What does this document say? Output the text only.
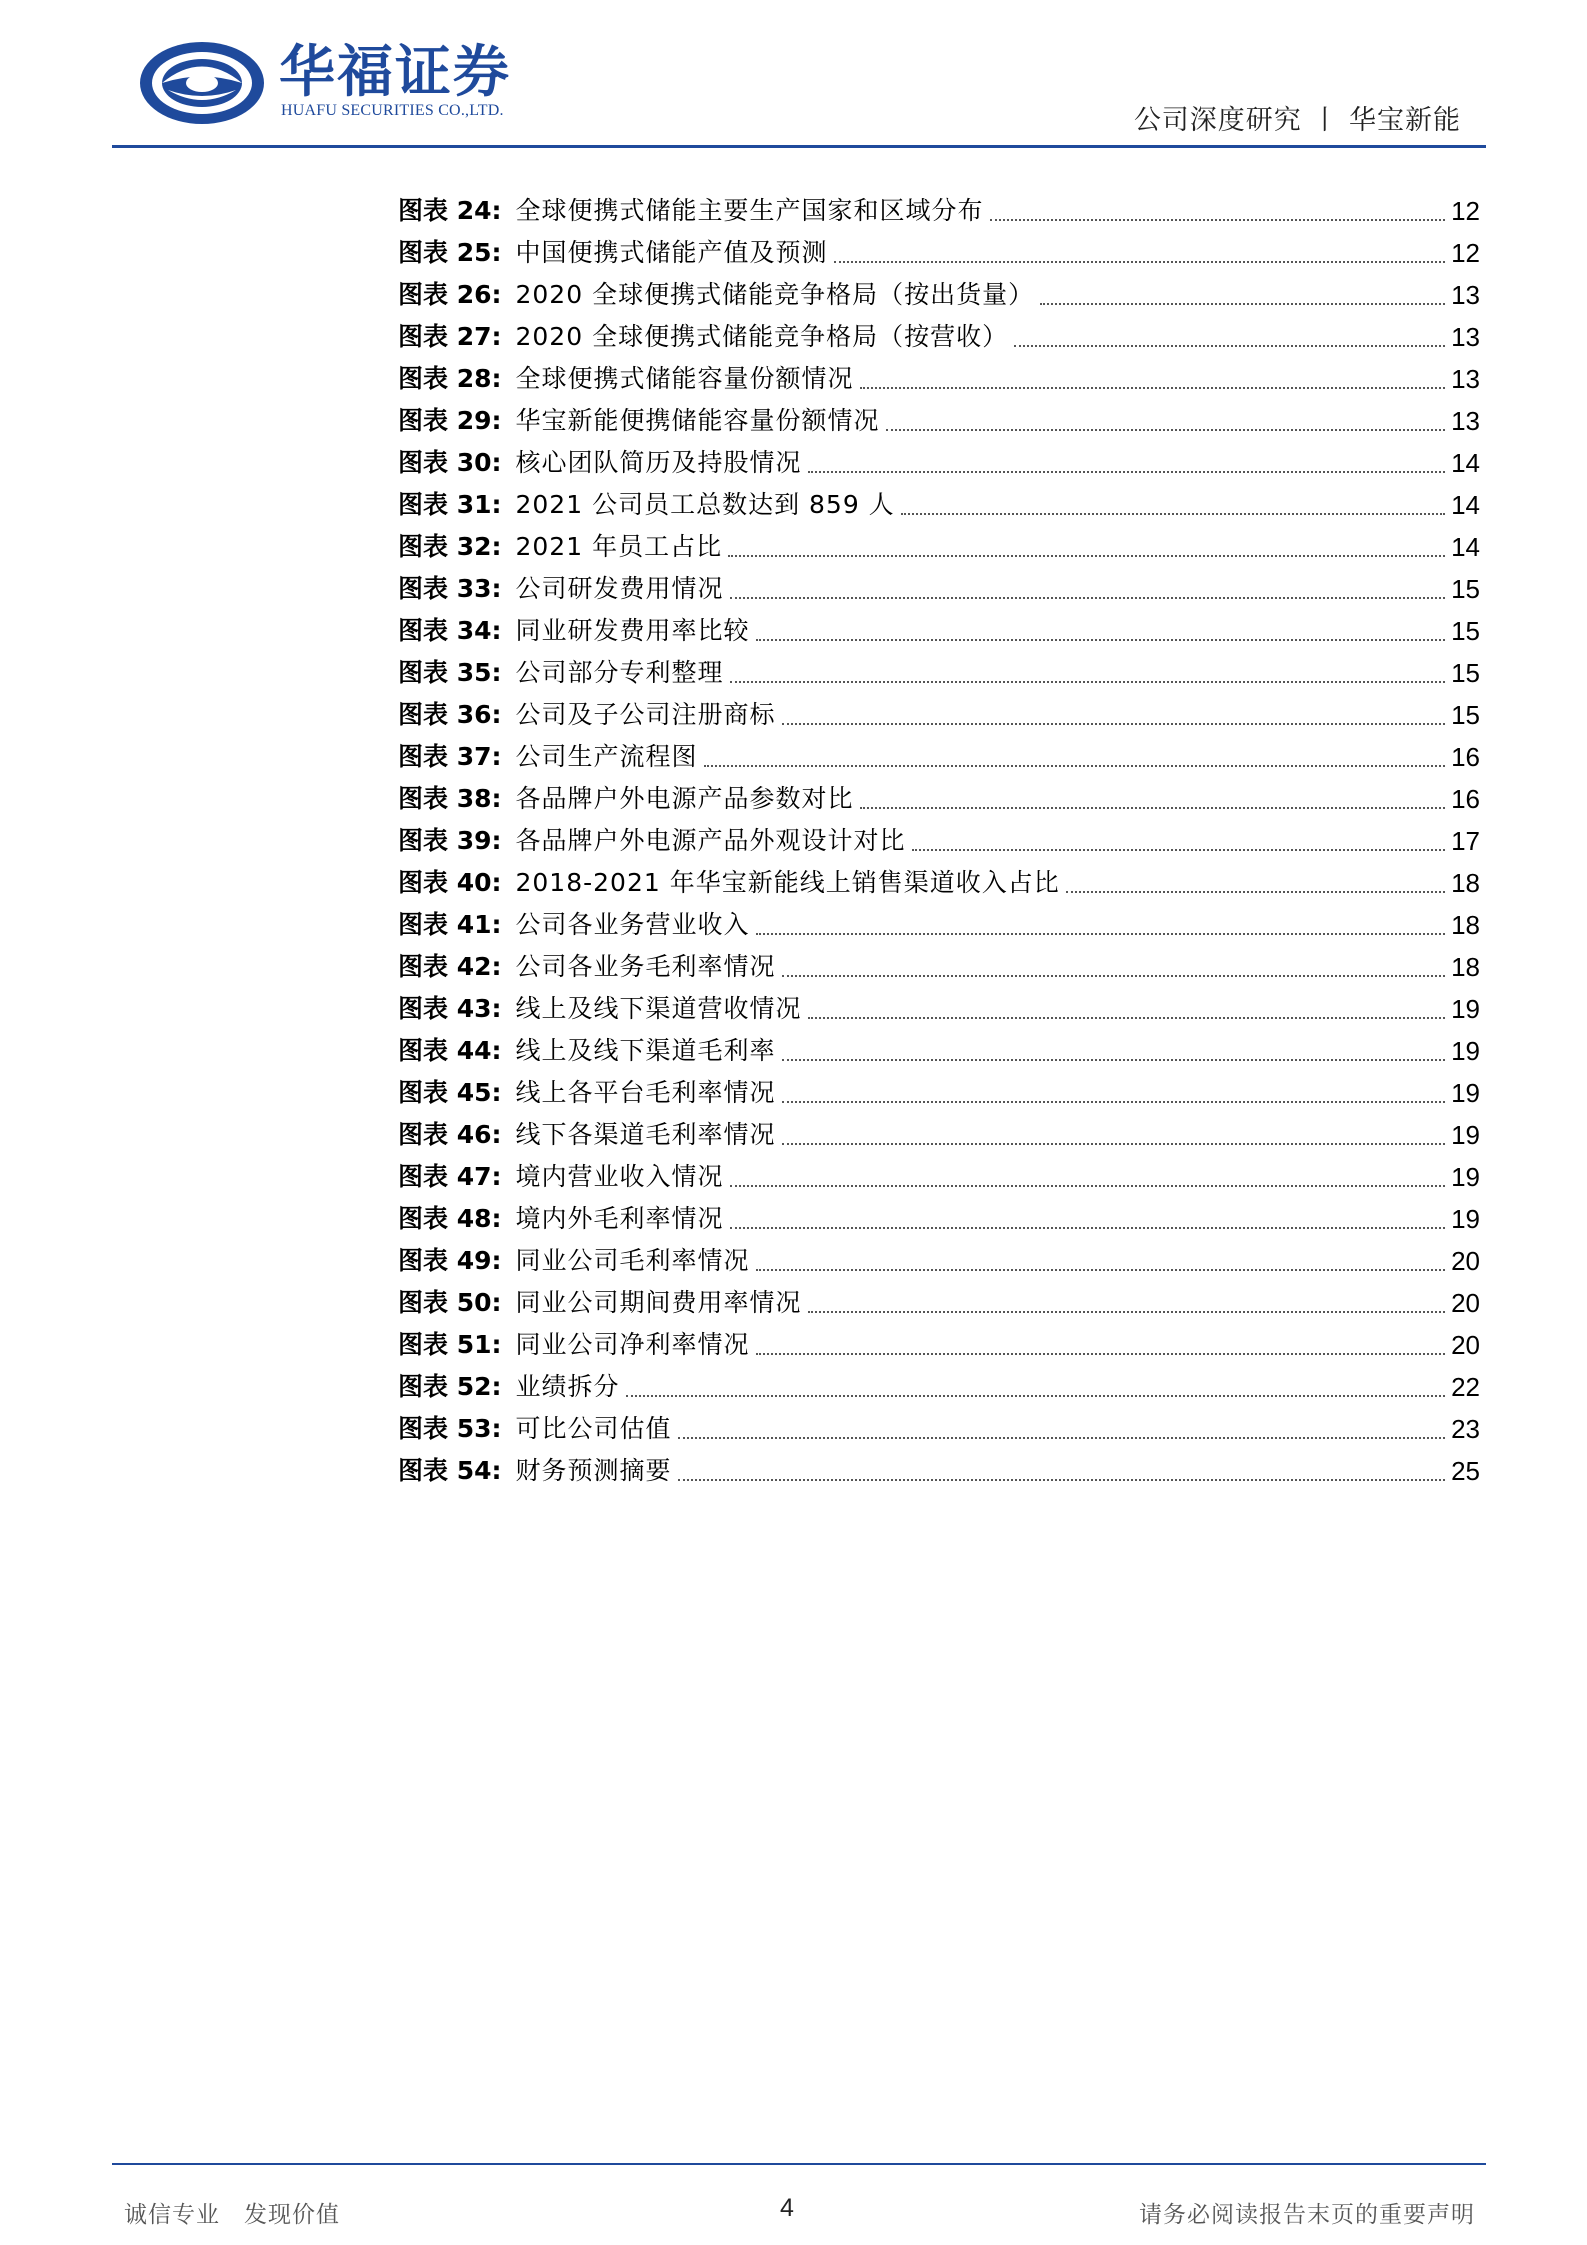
华福证券
HUAFU SECURITIES CO.,LTD.	公司深度研究 丨 华宝新能
图表 24: 全球便携式储能主要生产国家和区域分布	12
图表 25: 中国便携式储能产值及预测	12
图表 26: 2020 全球便携式储能竞争格局（按出货量）	13
图表 27: 2020 全球便携式储能竞争格局（按营收）	13
图表 28: 全球便携式储能容量份额情况	13
图表 29: 华宝新能便携储能容量份额情况	13
图表 30: 核心团队简历及持股情况	14
图表 31: 2021 公司员工总数达到 859 人	14
图表 32: 2021 年员工占比	14
图表 33: 公司研发费用情况	15
图表 34: 同业研发费用率比较	15
图表 35: 公司部分专利整理	15
图表 36: 公司及子公司注册商标	15
图表 37: 公司生产流程图	16
图表 38: 各品牌户外电源产品参数对比	16
图表 39: 各品牌户外电源产品外观设计对比	17
图表 40: 2018-2021 年华宝新能线上销售渠道收入占比	18
图表 41: 公司各业务营业收入	18
图表 42: 公司各业务毛利率情况	18
图表 43: 线上及线下渠道营收情况	19
图表 44: 线上及线下渠道毛利率	19
图表 45: 线上各平台毛利率情况	19
图表 46: 线下各渠道毛利率情况	19
图表 47: 境内营业收入情况	19
图表 48: 境内外毛利率情况	19
图表 49: 同业公司毛利率情况	20
图表 50: 同业公司期间费用率情况	20
图表 51: 同业公司净利率情况	20
图表 52: 业绩拆分	22
图表 53: 可比公司估值	23
图表 54: 财务预测摘要	25
诚信专业 发现价值	4	请务必阅读报告末页的重要声明
